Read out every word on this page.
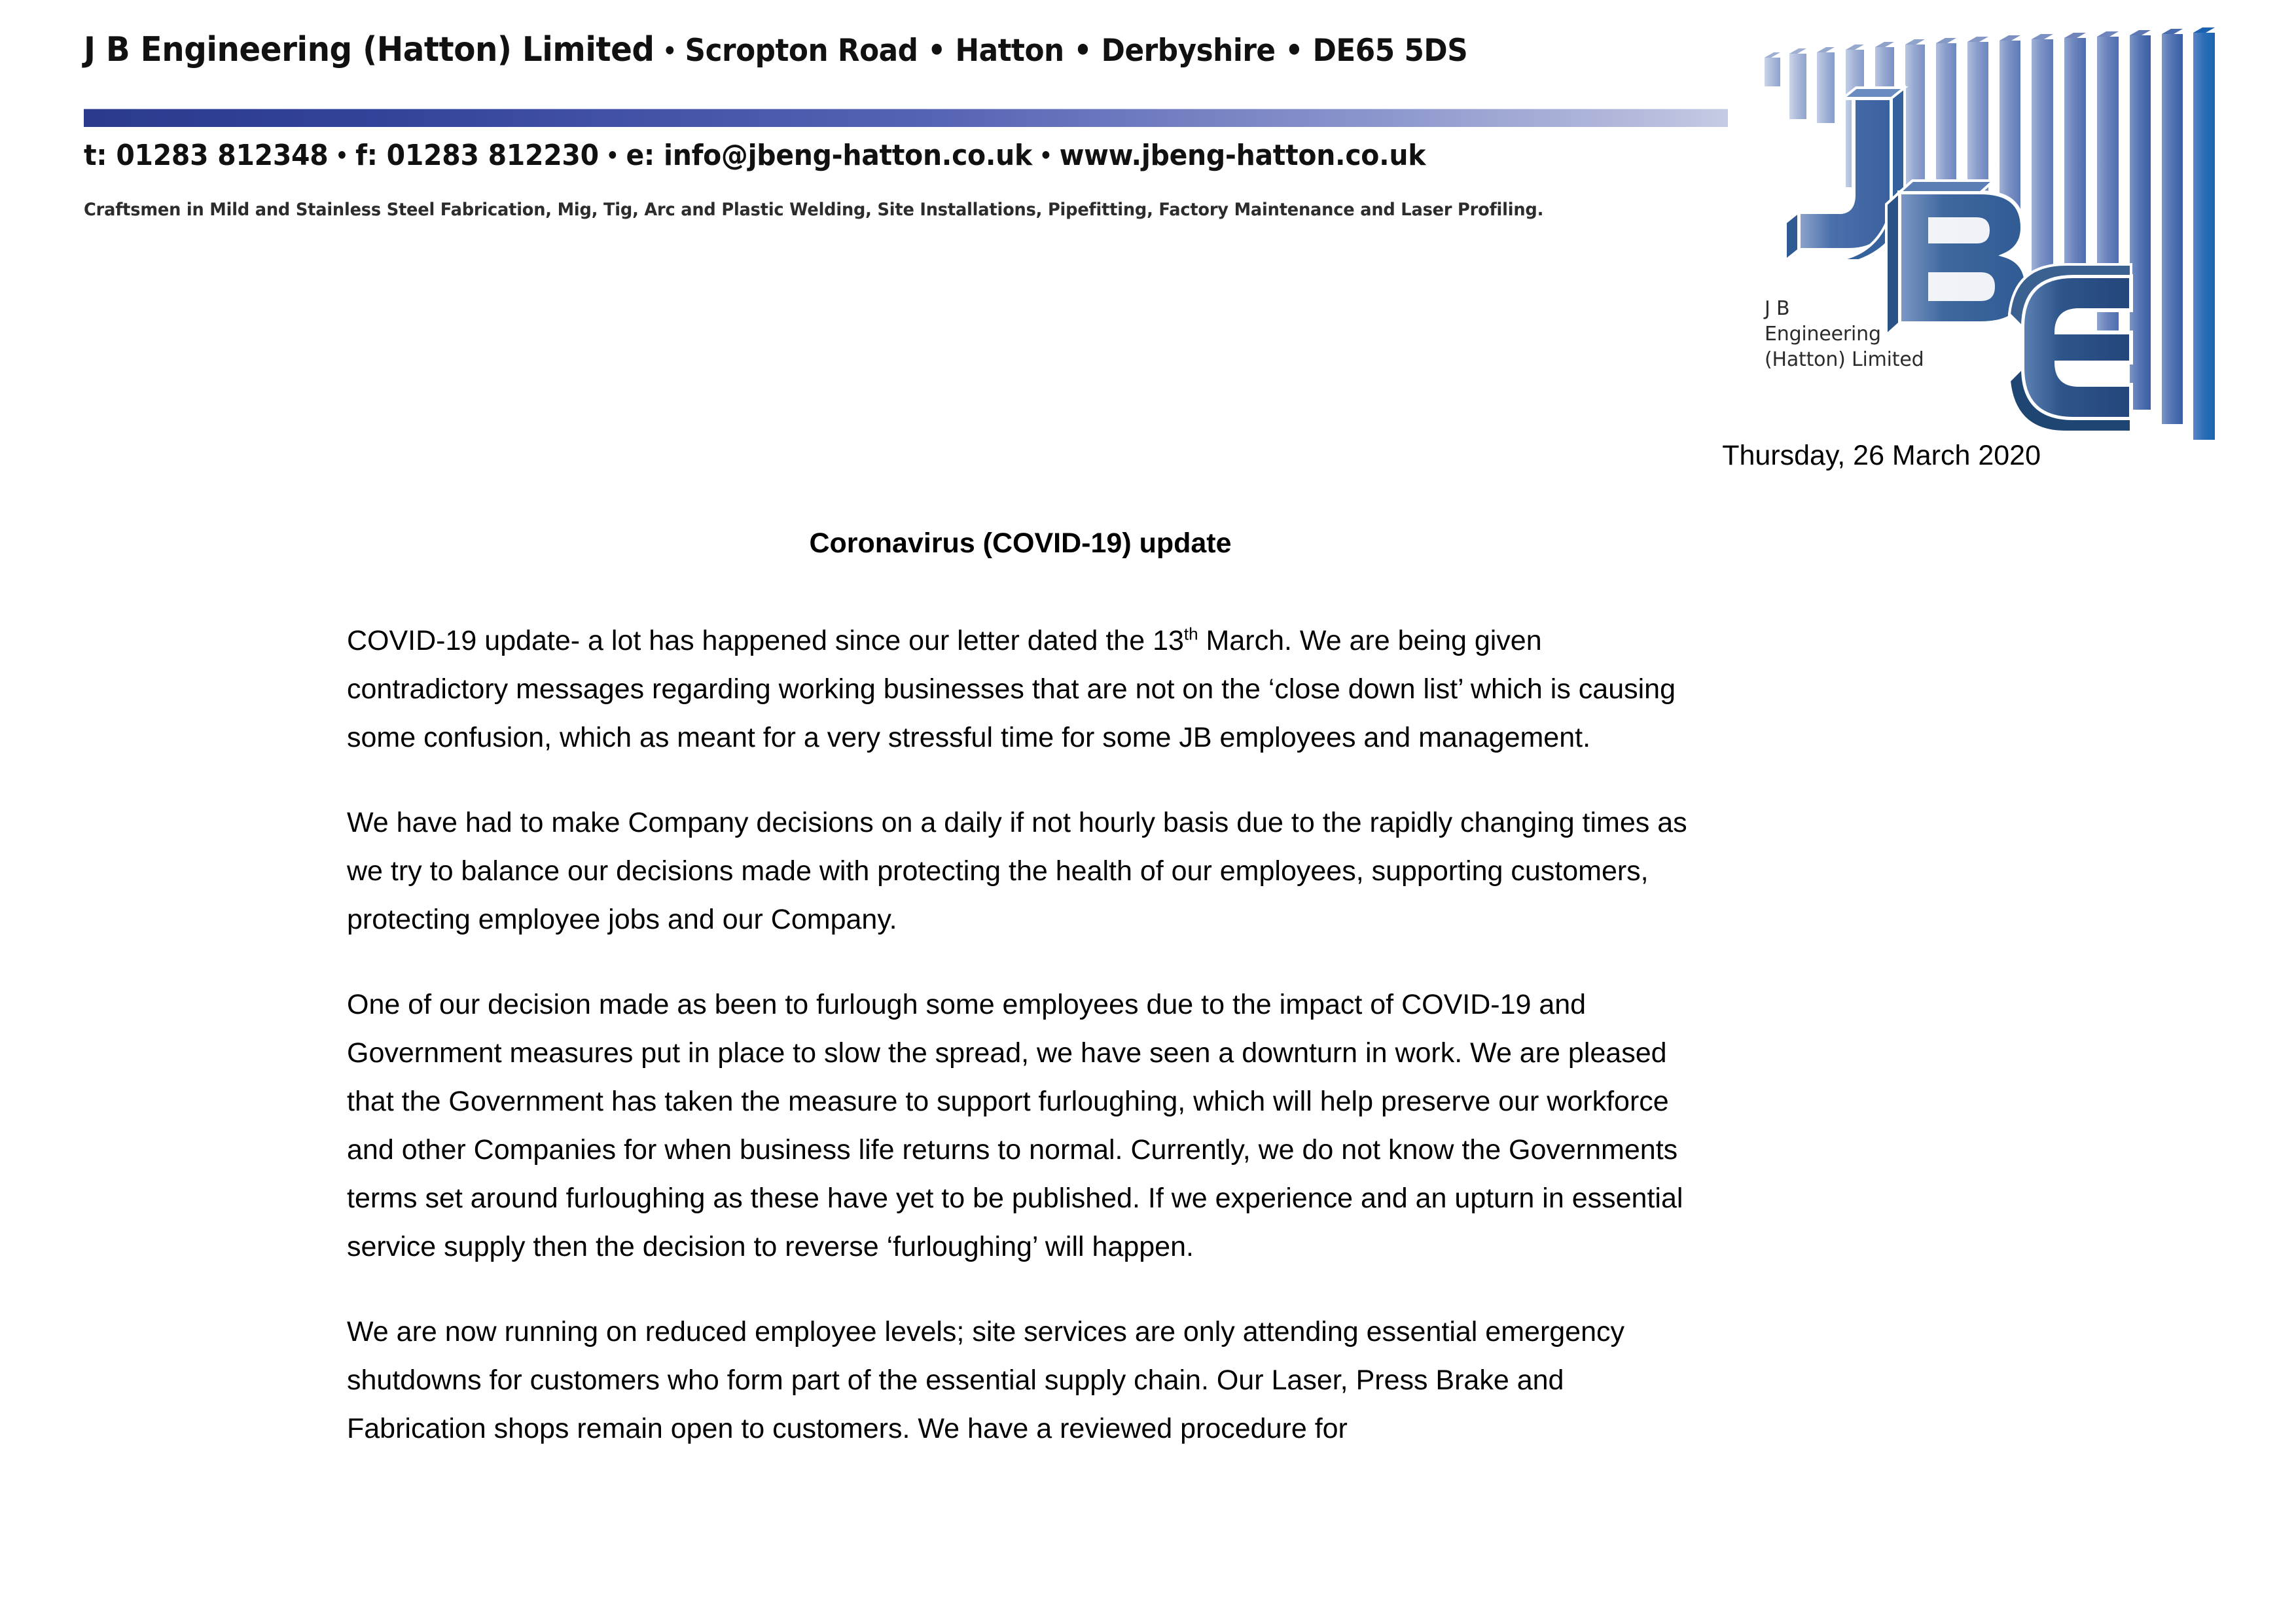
J B Engineering (Hatton) Limited • Scropton Road • Hatton • Derbyshire • DE65 5DS
t: 01283 812348 • f: 01283 812230 • e: info@jbeng-hatton.co.uk • www.jbeng-hatton.co.uk
Craftsmen in Mild and Stainless Steel Fabrication, Mig, Tig, Arc and Plastic Welding, Site Installations, Pipefitting, Factory Maintenance and Laser Profiling.
J B
Engineering
(Hatton) Limited
Thursday, 26 March 2020
Coronavirus (COVID-19) update

COVID-19 update- a lot has happened since our letter dated the 13th March. We are being given contradictory messages regarding working businesses that are not on the ‘close down list’ which is causing some confusion, which as meant for a very stressful time for some JB employees and management.

We have had to make Company decisions on a daily if not hourly basis due to the rapidly changing times as we try to balance our decisions made with protecting the health of our employees, supporting customers, protecting employee jobs and our Company.

One of our decision made as been to furlough some employees due to the impact of COVID-19 and Government measures put in place to slow the spread, we have seen a downturn in work. We are pleased that the Government has taken the measure to support furloughing, which will help preserve our workforce and other Companies for when business life returns to normal. Currently, we do not know the Governments terms set around furloughing as these have yet to be published. If we experience and an upturn in essential service supply then the decision to reverse ‘furloughing’ will happen.

We are now running on reduced employee levels; site services are only attending essential emergency shutdowns for customers who form part of the essential supply chain. Our Laser, Press Brake and Fabrication shops remain open to customers. We have a reviewed procedure for
